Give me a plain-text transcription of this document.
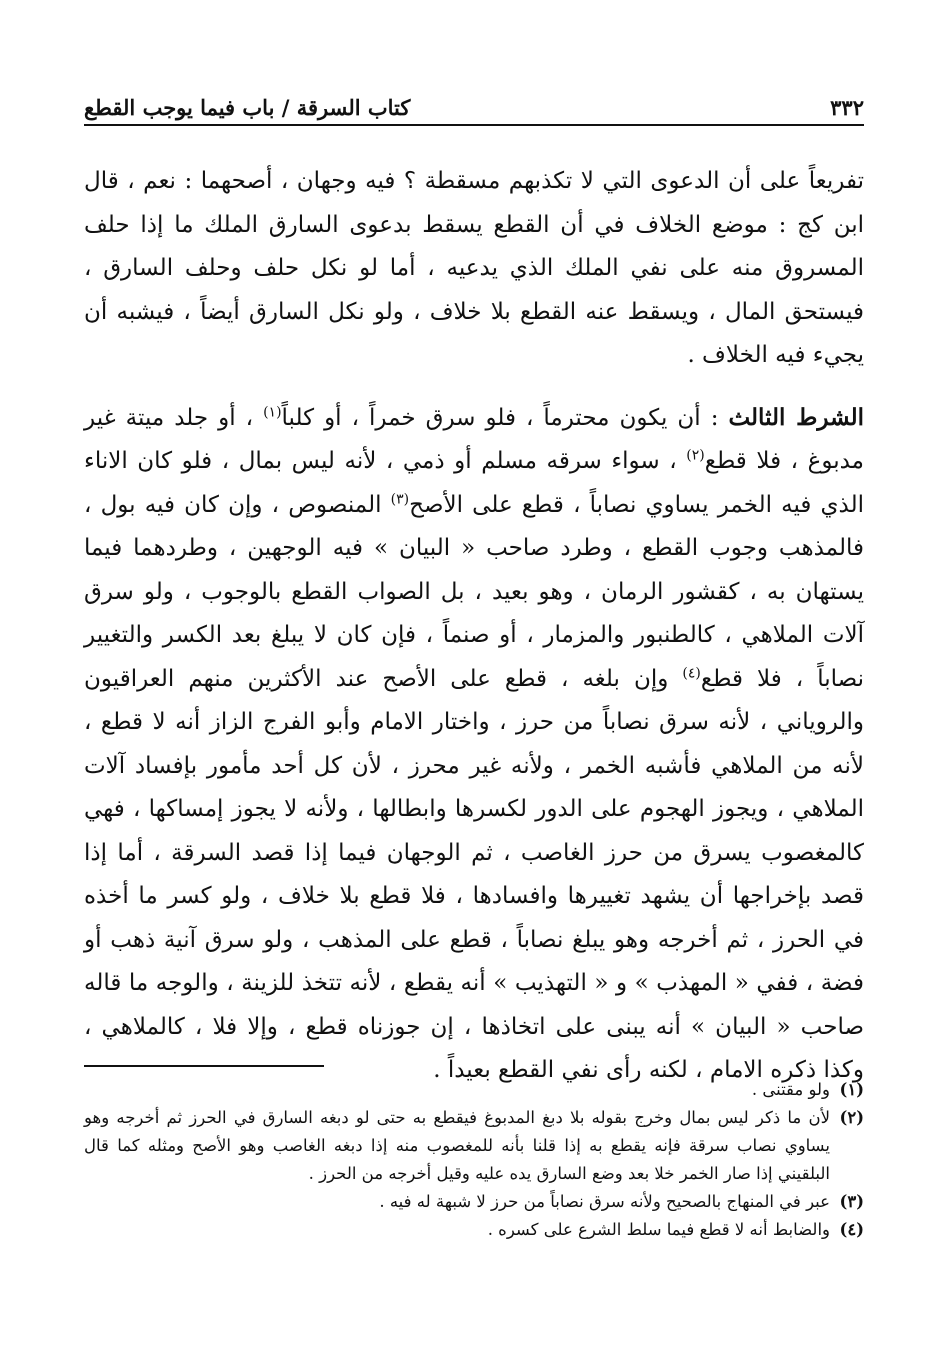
٣٣٢
كتاب السرقة / باب فيما يوجب القطع

تفريعاً على أن الدعوى التي لا تكذبهم مسقطة ؟ فيه وجهان ، أصحهما : نعم ، قال ابن كج : موضع الخلاف في أن القطع يسقط بدعوى السارق الملك ما إذا حلف المسروق منه على نفي الملك الذي يدعيه ، أما لو نكل حلف وحلف السارق ، فيستحق المال ، ويسقط عنه القطع بلا خلاف ، ولو نكل السارق أيضاً ، فيشبه أن يجيء فيه الخلاف .

الشرط الثالث : أن يكون محترماً ، فلو سرق خمراً ، أو كلباً$^{(١)}$ ، أو جلد ميتة غير مدبوغ ، فلا قطع$^{(٢)}$ ، سواء سرقه مسلم أو ذمي ، لأنه ليس بمال ، فلو كان الاناء الذي فيه الخمر يساوي نصاباً ، قطع على الأصح$^{(٣)}$ المنصوص ، وإن كان فيه بول ، فالمذهب وجوب القطع ، وطرد صاحب « البيان » فيه الوجهين ، وطردهما فيما يستهان به ، كقشور الرمان ، وهو بعيد ، بل الصواب القطع بالوجوب ، ولو سرق آلات الملاهي ، كالطنبور والمزمار ، أو صنماً ، فإن كان لا يبلغ بعد الكسر والتغيير نصاباً ، فلا قطع$^{(٤)}$ وإن بلغه ، قطع على الأصح عند الأكثرين منهم العراقيون والروياني ، لأنه سرق نصاباً من حرز ، واختار الامام وأبو الفرج الزاز أنه لا قطع ، لأنه من الملاهي فأشبه الخمر ، ولأنه غير محرز ، لأن كل أحد مأمور بإفساد آلات الملاهي ، ويجوز الهجوم على الدور لكسرها وابطالها ، ولأنه لا يجوز إمساكها ، فهي كالمغصوب يسرق من حرز الغاصب ، ثم الوجهان فيما إذا قصد السرقة ، أما إذا قصد بإخراجها أن يشهد تغييرها وافسادها ، فلا قطع بلا خلاف ، ولو كسر ما أخذه في الحرز ، ثم أخرجه وهو يبلغ نصاباً ، قطع على المذهب ، ولو سرق آنية ذهب أو فضة ، ففي « المهذب » و « التهذيب » أنه يقطع ، لأنه تتخذ للزينة ، والوجه ما قاله صاحب « البيان » أنه يبنى على اتخاذها ، إن جوزناه قطع ، وإلا فلا ، كالملاهي ، وكذا ذكره الامام ، لكنه رأى نفي القطع بعيداً .

(١)
ولو مقتنى .
(٢)
لأن ما ذكر ليس بمال وخرج بقوله بلا دبغ المدبوغ فيقطع به حتى لو دبغه السارق في الحرز ثم أخرجه وهو يساوي نصاب سرقة فإنه يقطع به إذا قلنا بأنه للمغصوب منه إذا دبغه الغاصب وهو الأصح ومثله كما قال البلقيني إذا صار الخمر خلا بعد وضع السارق يده عليه وقيل أخرجه من الحرز .
(٣)
عبر في المنهاج بالصحيح ولأنه سرق نصاباً من حرز لا شبهة له فيه .
(٤)
والضابط أنه لا قطع فيما سلط الشرع على كسره .
